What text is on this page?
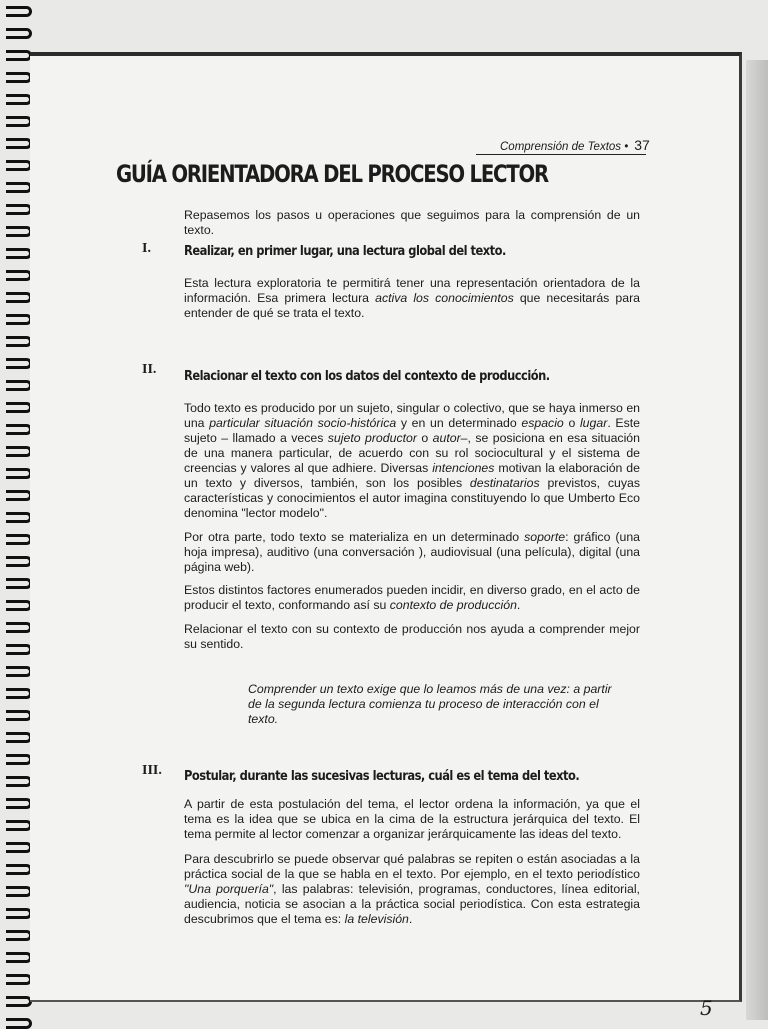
Comprensión de Textos • 37
GUÍA ORIENTADORA DEL PROCESO LECTOR
Repasemos los pasos u operaciones que seguimos para la comprensión de un texto.
I. Realizar, en primer lugar, una lectura global del texto.
Esta lectura exploratoria te permitirá tener una representación orientadora de la información. Esa primera lectura activa los conocimientos que necesitarás para entender de qué se trata el texto.
II. Relacionar el texto con los datos del contexto de producción.
Todo texto es producido por un sujeto, singular o colectivo, que se haya inmerso en una particular situación socio-histórica y en un determinado espacio o lugar. Este sujeto – llamado a veces sujeto productor o autor–, se posiciona en esa situación de una manera particular, de acuerdo con su rol sociocultural y el sistema de creencias y valores al que adhiere. Diversas intenciones motivan la elaboración de un texto y diversos, también, son los posibles destinatarios previstos, cuyas características y conocimientos el autor imagina constituyendo lo que Umberto Eco denomina "lector modelo".
Por otra parte, todo texto se materializa en un determinado soporte: gráfico (una hoja impresa), auditivo (una conversación ), audiovisual (una película), digital (una página web).
Estos distintos factores enumerados pueden incidir, en diverso grado, en el acto de producir el texto, conformando así su contexto de producción.
Relacionar el texto con su contexto de producción nos ayuda a comprender mejor su sentido.
Comprender un texto exige que lo leamos más de una vez: a partir de la segunda lectura comienza tu proceso de interacción con el texto.
III. Postular, durante las sucesivas lecturas, cuál es el tema del texto.
A partir de esta postulación del tema, el lector ordena la información, ya que el tema es la idea que se ubica en la cima de la estructura jerárquica del texto. El tema permite al lector comenzar a organizar jerárquicamente las ideas del texto.
Para descubrirlo se puede observar qué palabras se repiten o están asociadas a la práctica social de la que se habla en el texto. Por ejemplo, en el texto periodístico "Una porquería", las palabras: televisión, programas, conductores, línea editorial, audiencia, noticia se asocian a la práctica social periodística. Con esta estrategia descubrimos que el tema es: la televisión.
5
